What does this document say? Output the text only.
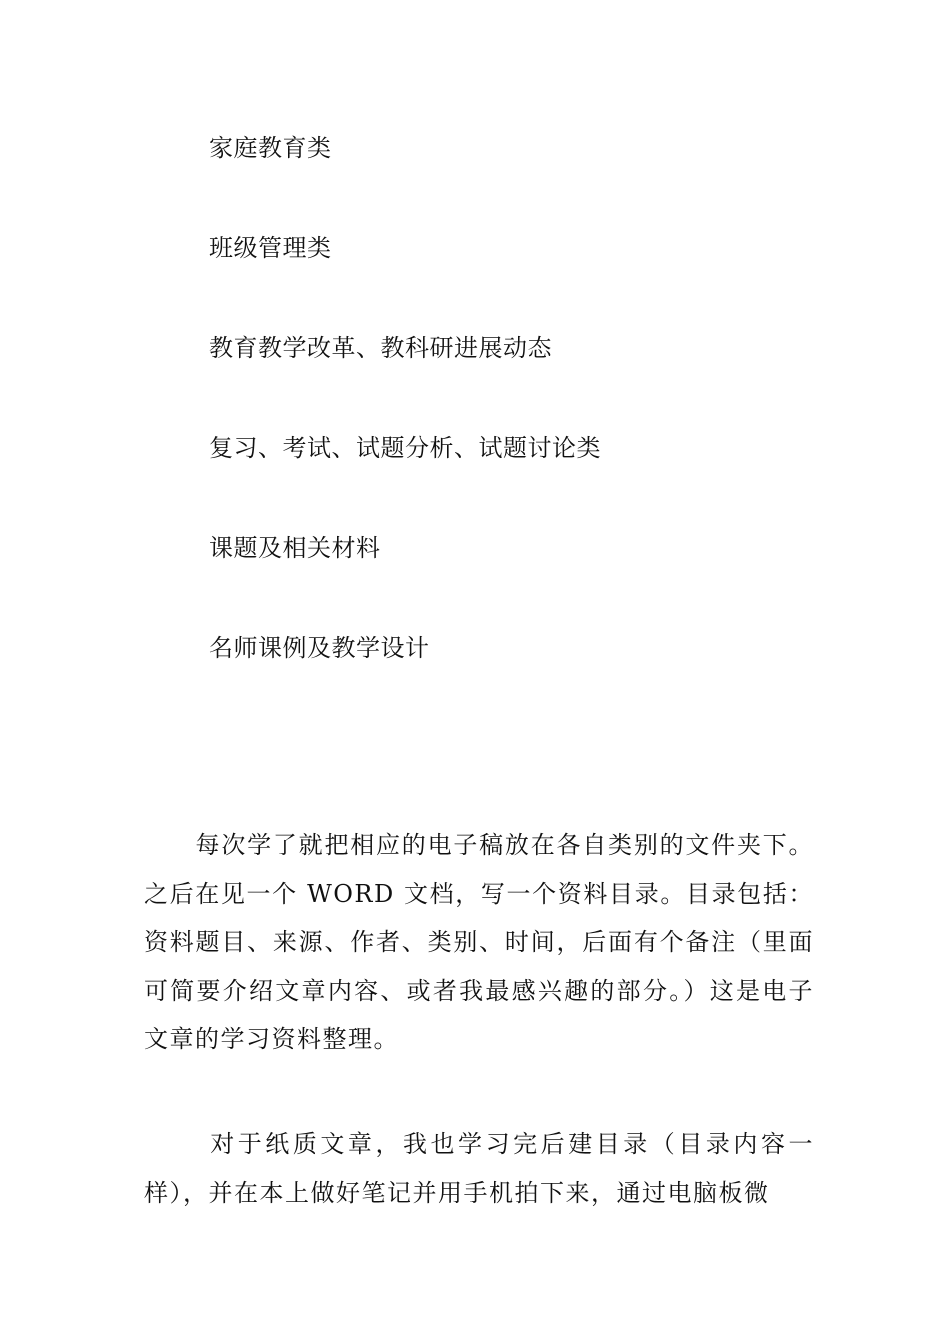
家庭教育类
班级管理类
教育教学改革、教科研进展动态
复习、考试、试题分析、试题讨论类
课题及相关材料
名师课例及教学设计
　　每次学了就把相应的电子稿放在各自类别的文件夹下。之后在见一个 WORD 文档，写一个资料目录。目录包括：资料题目、来源、作者、类别、时间，后面有个备注（里面可简要介绍文章内容、或者我最感兴趣的部分。）这是电子文章的学习资料整理。
　　 对于纸质文章，我也学习完后建目录（目录内容一样），并在本上做好笔记并用手机拍下来，通过电脑板微
